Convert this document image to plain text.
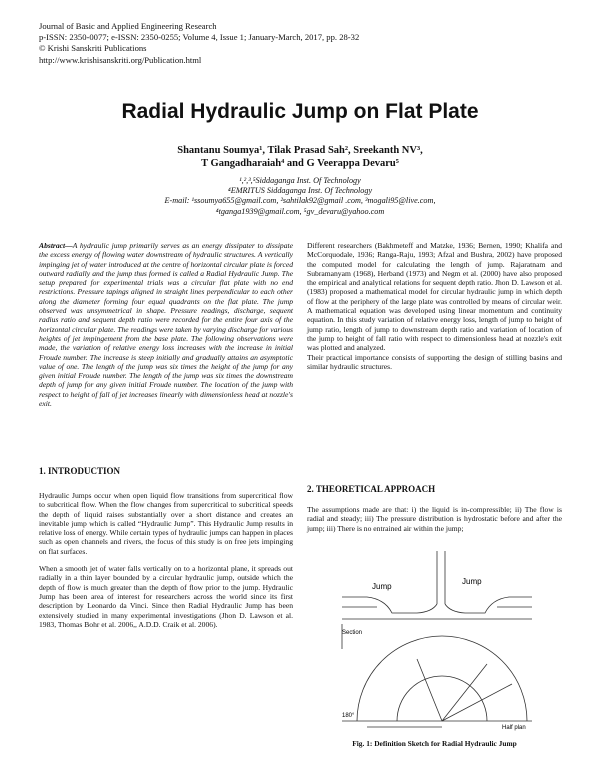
Journal of Basic and Applied Engineering Research
p-ISSN: 2350-0077; e-ISSN: 2350-0255; Volume 4, Issue 1; January-March, 2017, pp. 28-32
© Krishi Sanskriti Publications
http://www.krishisanskriti.org/Publication.html
Radial Hydraulic Jump on Flat Plate
Shantanu Soumya¹, Tilak Prasad Sah², Sreekanth NV³,
T Gangadharaiah⁴ and G Veerappa Devaru⁵
¹,²,³,⁵Siddaganga Inst. Of Technology
⁴EMRITUS Siddaganga Inst. Of Technology
E-mail: ¹ssoumya655@gmail.com, ²sahtilak92@gmail .com, ³mogali95@live.com,
⁴tganga1939@gmail.com, ⁵gv_devaru@yahoo.com
Abstract—A hydraulic jump primarily serves as an energy dissipater to dissipate the excess energy of flowing water downstream of hydraulic structures. A vertically impinging jet of water introduced at the centre of horizontal circular plate is forced outward radially and the jump thus formed is called a Radial Hydraulic Jump. The setup prepared for experimental trials was a circular flat plate with no end restrictions. Pressure tapings aligned in straight lines perpendicular to each other along the diameter forming four equal quadrants on the flat plate. The jump observed was unsymmetrical in shape. Pressure readings, discharge, sequent radius ratio and sequent depth ratio were recorded for the entire four axis of the horizontal circular plate. The readings were taken by varying discharge for various heights of jet impingement from the base plate. The following observations were made, the variation of relative energy loss increases with the increase in initial Froude number. The increase is steep initially and gradually attains an asymptotic value of one. The length of the jump was six times the height of the jump for any given initial Froude number. The length of the jump was six times the downstream depth of jump for any given initial Froude number. The location of the jump with respect to height of fall of jet increases linearly with dimensionless head at nozzle's exit.
1. INTRODUCTION

Hydraulic Jumps occur when open liquid flow transitions from supercritical flow to subcritical flow. When the flow changes from supercritical to subcritical speeds the depth of liquid raises substantially over a short distance and creates an inevitable jump which is called “Hydraulic Jump”. This Hydraulic Jump results in relative loss of energy. While certain types of hydraulic jumps can happen in places such as open channels and rivers, the focus of this study is on free jets impinging on flat surfaces.

When a smooth jet of water falls vertically on to a horizontal plane, it spreads out radially in a thin layer bounded by a circular hydraulic jump, outside which the depth of flow is much greater than the depth of flow prior to the jump. Hydraulic Jump has been area of interest for researchers across the world since its first description by Leonardo da Vinci. Since then Radial Hydraulic Jump has been extensively studied in many experimental investigations (Jhon D. Lawson et al. 1983, Thomas Bohr et al. 2006,, A.D.D. Craik et al. 2006).

Different researchers (Bakhmeteff and Matzke, 1936; Bernen, 1990; Khalifa and McCorquodale, 1936; Ranga-Raju, 1993; Afzal and Bushra, 2002) have proposed the computed model for calculating the length of jump. Rajaratnam and Subramanyam (1968), Herband (1973) and Negm et al. (2000) have also proposed the empirical and analytical relations for sequent depth ratio. Jhon D. Lawson et al. (1983) proposed a mathematical model for circular hydraulic jump in which depth of flow at the periphery of the large plate was controlled by means of circular weir. A mathematical equation was developed using linear momentum and continuity equation. In this study variation of relative energy loss, length of jump to height of jump ratio, length of jump to downstream depth ratio and variation of location of the jump to height of fall ratio with respect to dimensionless head at nozzle's exit was plotted and analyzed.

Their practical importance consists of supporting the design of stilling basins and similar hydraulic structures.

2. THEORETICAL APPROACH
The assumptions made are that: i) the liquid is in-compressible; ii) The flow is radial and steady; iii) The pressure distribution is hydrostatic before and after the jump; iii) There is no entrained air within the jump;
Jump
Jump
Section
Half plan
180°
Fig. 1: Definition Sketch for Radial Hydraulic Jump
